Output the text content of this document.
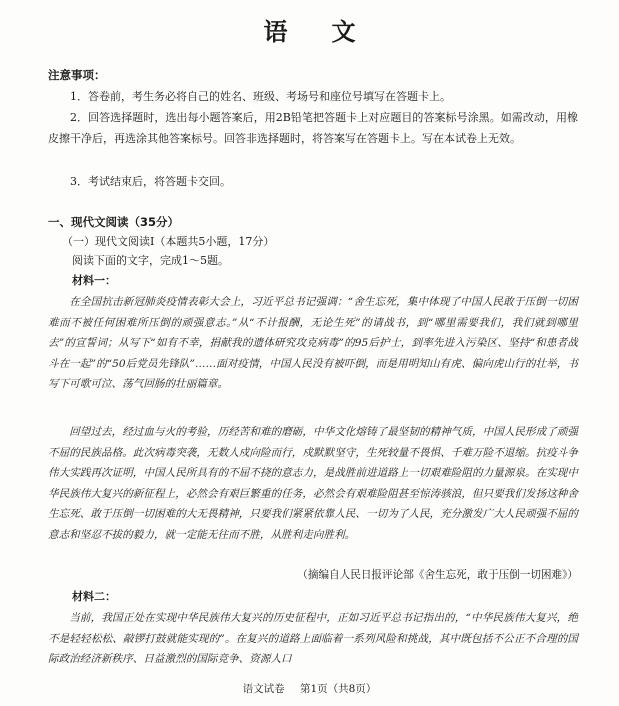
语文
注意事项：
1．答卷前，考生务必将自己的姓名、班级、考场号和座位号填写在答题卡上。
2．回答选择题时，选出每小题答案后，用2B铅笔把答题卡上对应题目的答案标号涂黑。如需改动，用橡皮擦干净后，再选涂其他答案标号。回答非选择题时，将答案写在答题卡上。写在本试卷上无效。
3．考试结束后，将答题卡交回。
一、现代文阅读（35分）
（一）现代文阅读Ⅰ（本题共5小题，17分）
阅读下面的文字，完成1～5题。
材料一：
在全国抗击新冠肺炎疫情表彰大会上，习近平总书记强调：“舍生忘死，集中体现了中国人民敢于压倒一切困难而不被任何困难所压倒的顽强意志。”从“不计报酬，无论生死”的请战书，到“哪里需要我们，我们就到哪里去”的宣誓词；从写下“如有不幸，捐献我的遗体研究攻克病毒”的95后护士，到率先进入污染区、坚持“和患者战斗在一起”的“50后党员先锋队”……面对疫情，中国人民没有被吓倒，而是用明知山有虎、偏向虎山行的壮举，书写下可歌可泣、荡气回肠的壮丽篇章。
回望过去，经过血与火的考验，历经苦和难的磨砺，中华文化熔铸了最坚韧的精神气质，中国人民形成了顽强不屈的民族品格。此次病毒突袭，无数人戍向险而行，戍默默坚守，生死较量不畏惧、千难万险不退缩。抗疫斗争伟大实践再次证明，中国人民所具有的不屈不挠的意志力，是战胜前进道路上一切艰难险阻的力量源泉。在实现中华民族伟大复兴的新征程上，必然会有艰巨繁重的任务，必然会有艰难险阻甚至惊涛骇浪，但只要我们发扬这种舍生忘死、敢于压倒一切困难的大无畏精神，只要我们紧紧依靠人民、一切为了人民，充分激发广大人民顽强不屈的意志和坚忍不拔的毅力，就一定能无往而不胜，从胜利走向胜利。
（摘编自人民日报评论部《舍生忘死，敢于压倒一切困难》）
材料二：
当前，我国正处在实现中华民族伟大复兴的历史征程中，正如习近平总书记指出的，“中华民族伟大复兴，绝不是轻轻松松、敲锣打鼓就能实现的”。在复兴的道路上面临着一系列风险和挑战，其中既包括不公正不合理的国际政治经济新秩序、日益激烈的国际竞争、资源人口
语文试卷 第1页（共8页）
